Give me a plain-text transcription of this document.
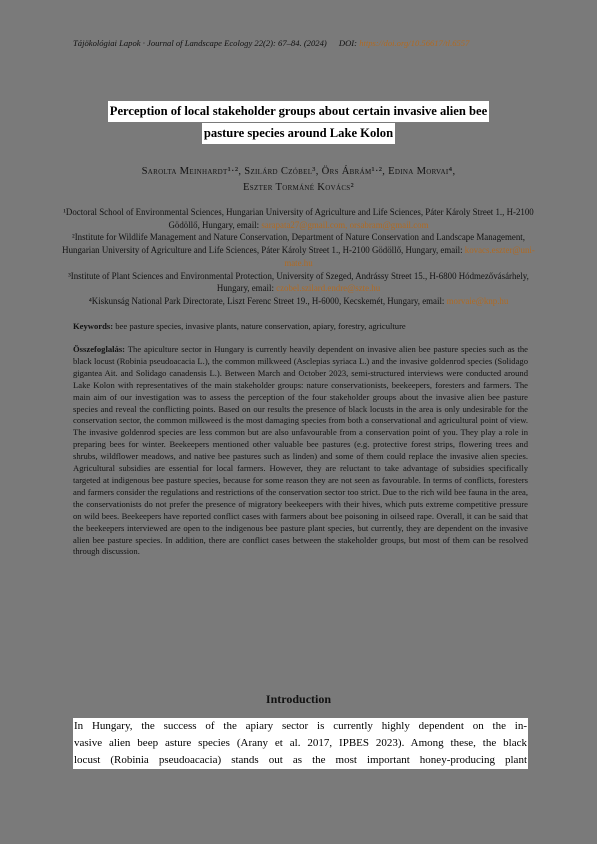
Tájökológiai Lapok · Journal of Landscape Ecology 22(2): 67–84. (2024) DOI: https://doi.org/10.56617/tl.6557
Perception of local stakeholder groups about certain invasive alien bee
pasture species around Lake Kolon
Sarolta Meinhardt¹·², Szilárd Czóbel³, Örs Ábrám¹·², Edina Morvai⁴,
Eszter Tormáné Kovács²
¹Doctoral School of Environmental Sciences, Hungarian University of Agriculture and Life Sciences, Páter Károly Street 1., H-2100 Gödöllő, Hungary, email: sarapata27@gmail.com, orsabram@gmail.com
²Institute for Wildlife Management and Nature Conservation, Department of Nature Conservation and Landscape Management, Hungarian University of Agriculture and Life Sciences, Páter Károly Street 1., H-2100 Gödöllő, Hungary, email: kovacs.eszter@uni-mate.hu
³Institute of Plant Sciences and Environmental Protection, University of Szeged, Andrássy Street 15., H-6800 Hódmezővásárhely, Hungary, email: czobel.szilard.endre@szte.hu
⁴Kiskunság National Park Directorate, Liszt Ferenc Street 19., H-6000, Kecskemét, Hungary, email: morvaie@knp.hu
Keywords: bee pasture species, invasive plants, nature conservation, apiary, forestry, agriculture
Összefoglalás: The apiculture sector in Hungary is currently heavily dependent on invasive alien bee pasture species such as the black locust (Robinia pseudoacacia L.), the common milkweed (Asclepias syriaca L.) and the invasive goldenrod species (Solidago gigantea Ait. and Solidago canadensis L.). Between March and October 2023, semi-structured interviews were conducted around Lake Kolon with representatives of the main stakeholder groups: nature conservationists, beekeepers, foresters and farmers. The main aim of our investigation was to assess the perception of the four stakeholder groups about the invasive alien bee pasture species and reveal the conflicting points. Based on our results the presence of black locusts in the area is only undesirable for the conservation sector, the common milkweed is the most damaging species from both a conservational and agricultural point of view. The invasive goldenrod species are less common but are also unfavourable from a conservation point of you. They play a role in preparing bees for winter. Beekeepers mentioned other valuable bee pastures (e.g. protective forest strips, flowering trees and shrubs, wildflower meadows, and native bee pastures such as linden) and some of them could replace the invasive alien species. Agricultural subsidies are essential for local farmers. However, they are reluctant to take advantage of subsidies specifically targeted at indigenous bee pasture species, because for some reason they are not seen as favourable. In terms of conflicts, foresters and farmers consider the regulations and restrictions of the conservation sector too strict. Due to the rich wild bee fauna in the area, the conservationists do not prefer the presence of migratory beekeepers with their hives, which puts extreme competitive pressure on wild bees. Beekeepers have reported conflict cases with farmers about bee poisoning in oilseed rape. Overall, it can be said that the beekeepers interviewed are open to the indigenous bee pasture plant species, but currently, they are dependent on the invasive alien bee pasture species. In addition, there are conflict cases between the stakeholder groups, but most of them can be resolved through discussion.
Introduction
In Hungary, the success of the apiary sector is currently highly dependent on the in-
vasive alien beep asture species (Arany et al. 2017, IPBES 2023). Among these, the black
locust (Robinia pseudoacacia) stands out as the most important honey-producing plant
